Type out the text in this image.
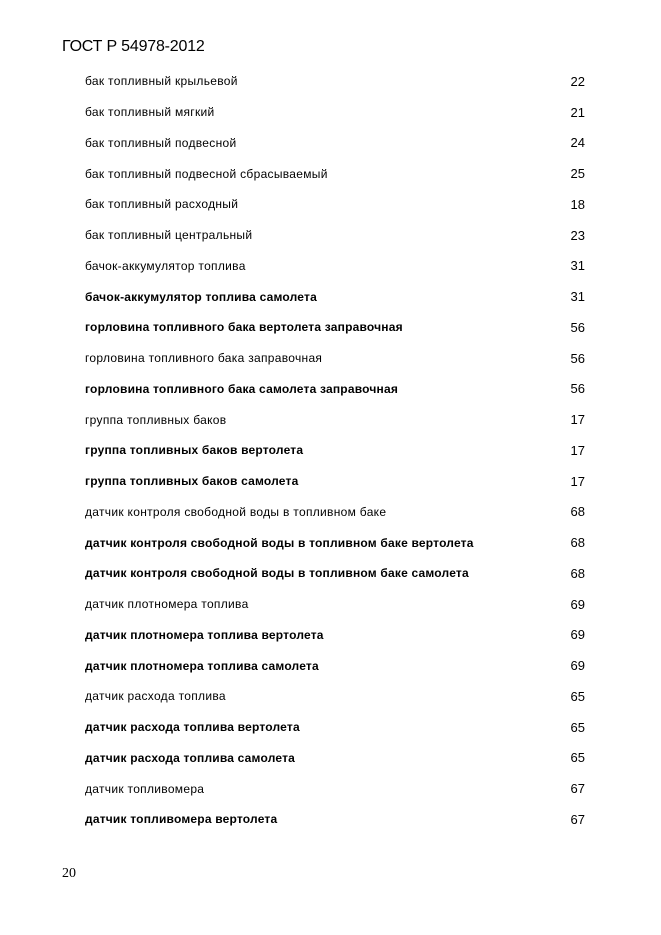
ГОСТ Р 54978-2012
бак топливный крыльевой	22
бак топливный мягкий	21
бак топливный подвесной	24
бак топливный подвесной сбрасываемый	25
бак топливный расходный	18
бак топливный центральный	23
бачок-аккумулятор топлива	31
бачок-аккумулятор топлива самолета	31
горловина топливного бака вертолета заправочная	56
горловина топливного бака заправочная	56
горловина топливного бака самолета заправочная	56
группа топливных баков	17
группа топливных баков вертолета	17
группа топливных баков самолета	17
датчик контроля свободной воды в топливном баке	68
датчик контроля свободной воды в топливном баке вертолета	68
датчик контроля свободной воды в топливном баке самолета	68
датчик плотномера топлива	69
датчик плотномера топлива вертолета	69
датчик плотномера топлива самолета	69
датчик расхода топлива	65
датчик расхода топлива вертолета	65
датчик расхода топлива самолета	65
датчик топливомера	67
датчик топливомера вертолета	67
20
